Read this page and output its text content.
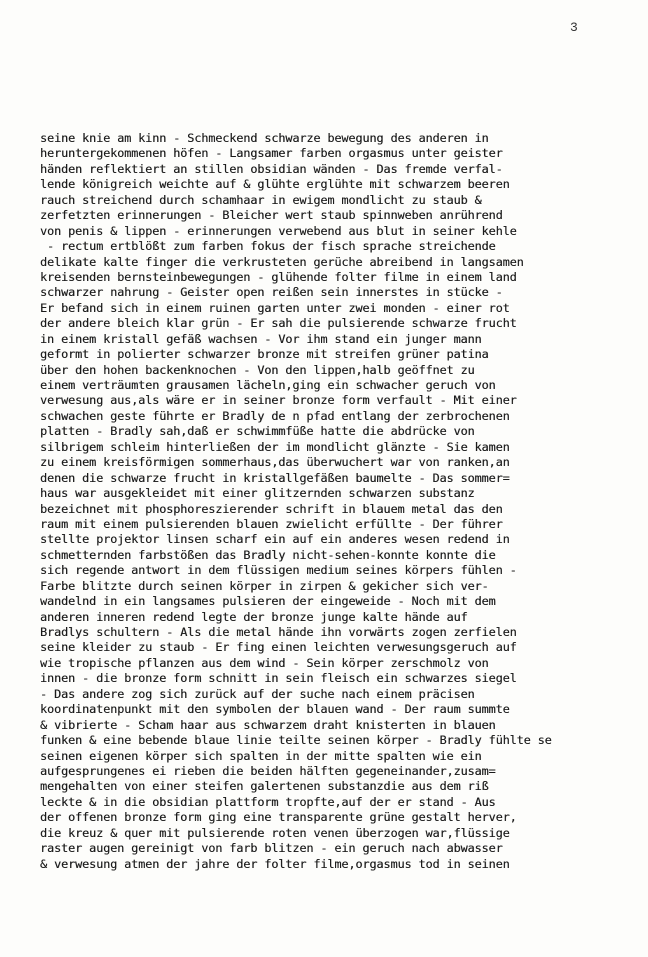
3
seine knie am kinn - Schmeckend schwarze bewegung des anderen in
heruntergekommenen höfen - Langsamer farben orgasmus unter geister
händen reflektiert an stillen obsidian wänden - Das fremde verfal-
lende königreich weichte auf & glühte erglühte mit schwarzem beeren
rauch streichend durch schamhaar in ewigem mondlicht zu staub &
zerfetzten erinnerungen - Bleicher wert staub spinnweben anrührend
von penis & lippen - erinnerungen verwebend aus blut in seiner kehle
- rectum ertblößt zum farben fokus der fisch sprache streichende
delikate kalte finger die verkrusteten gerüche abreibend in langsamen
kreisenden bernsteinbewegungen - glühende folter filme in einem land
schwarzer nahrung - Geister open reißen sein innerstes in stücke -
Er befand sich in einem ruinen garten unter zwei monden - einer rot
der andere bleich klar grün - Er sah die pulsierende schwarze frucht
in einem kristall gefäß wachsen - Vor ihm stand ein junger mann
geformt in polierter schwarzer bronze mit streifen grüner patina
über den hohen backenknochen - Von den lippen,halb geöffnet zu
einem verträumten grausamen lächeln,ging ein schwacher geruch von
verwesung aus,als wäre er in seiner bronze form verfault - Mit einer
schwachen geste führte er Bradly de n pfad entlang der zerbrochenen
platten - Bradly sah,daß er schwimmfüße hatte die abdrücke von
silbrigem schleim hinterließen der im mondlicht glänzte - Sie kamen
zu einem kreisförmigen sommerhaus,das überwuchert war von ranken,an
denen die schwarze frucht in kristallgefäßen baumelte - Das sommer=
haus war ausgekleidet mit einer glitzernden schwarzen substanz
bezeichnet mit phosphoreszierender schrift in blauem metal das den
raum mit einem pulsierenden blauen zwielicht erfüllte - Der führer
stellte projektor linsen scharf ein auf ein anderes wesen redend in
schmetternden farbstößen das Bradly nicht-sehen-konnte konnte die
sich regende antwort in dem flüssigen medium seines körpers fühlen -
Farbe blitzte durch seinen körper in zirpen & gekicher sich ver-
wandelnd in ein langsames pulsieren der eingeweide - Noch mit dem
anderen inneren redend legte der bronze junge kalte hände auf
Bradlys schultern - Als die metal hände ihn vorwärts zogen zerfielen
seine kleider zu staub - Er fing einen leichten verwesungsgeruch auf
wie tropische pflanzen aus dem wind - Sein körper zerschmolz von
innen - die bronze form schnitt in sein fleisch ein schwarzes siegel
- Das andere zog sich zurück auf der suche nach einem präcisen
koordinatenpunkt mit den symbolen der blauen wand - Der raum summte
& vibrierte - Scham haar aus schwarzem draht knisterten in blauen
funken & eine bebende blaue linie teilte seinen körper - Bradly fühlte se
seinen eigenen körper sich spalten in der mitte spalten wie ein
aufgesprungenes ei rieben die beiden hälften gegeneinander,zusam=
mengehalten von einer steifen galertenen substanzdie aus dem riß
leckte & in die obsidian plattform tropfte,auf der er stand - Aus
der offenen bronze form ging eine transparente grüne gestalt herver,
die kreuz & quer mit pulsierende roten venen überzogen war,flüssige
raster augen gereinigt von farb blitzen - ein geruch nach abwasser
& verwesung atmen der jahre der folter filme,orgasmus tod in seinen
